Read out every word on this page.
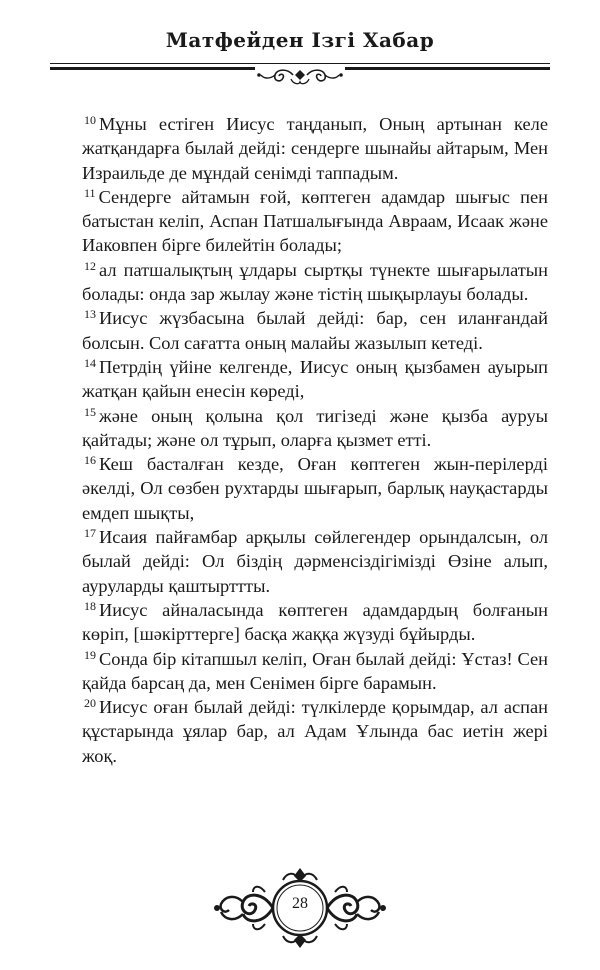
Матфейден Ізгі Хабар

$^{10}$ Мұны естіген Иисус таңданып, Оның артынан келе жатқандарға былай дейді: сендерге шынайы айтарым, Мен Израильде де мұндай сенімді таппадым.

$^{11}$ Сендерге айтамын ғой, көптеген адамдар шығыс пен батыстан келіп, Аспан Патшалығында Авраам, Исаак және Иаковпен бірге билейтін болады;

$^{12}$ ал патшалықтың ұлдары сыртқы түнекте шығарылатын болады: онда зар жылау және тістің шықырлауы болады.

$^{13}$ Иисус жүзбасына былай дейді: бар, сен иланғандай болсын. Сол сағатта оның малайы жазылып кетеді.

$^{14}$ Петрдің үйіне келгенде, Иисус оның қызбамен ауырып жатқан қайын енесін көреді,

$^{15}$ және оның қолына қол тигізеді және қызба ауруы қайтады; және ол тұрып, оларға қызмет етті.

$^{16}$ Кеш басталған кезде, Оған көптеген жын-перілерді әкелді, Ол сөзбен рухтарды шығарып, барлық науқастарды емдеп шықты,

$^{17}$ Исаия пайғамбар арқылы сөйлегендер орындалсын, ол былай дейді: Ол біздің дәрменсіздігімізді Өзіне алып, ауруларды қаштырттты.

$^{18}$ Иисус айналасында көптеген адамдардың болғанын көріп, [шәкірттерге] басқа жаққа жүзуді бұйырды.

$^{19}$ Сонда бір кітапшыл келіп, Оған былай дейді: Ұстаз! Сен қайда барсаң да, мен Сенімен бірге барамын.

$^{20}$ Иисус оған былай дейді: түлкілерде қорымдар, ал аспан құстарында ұялар бар, ал Адам Ұлында бас иетін жері жоқ.

28
